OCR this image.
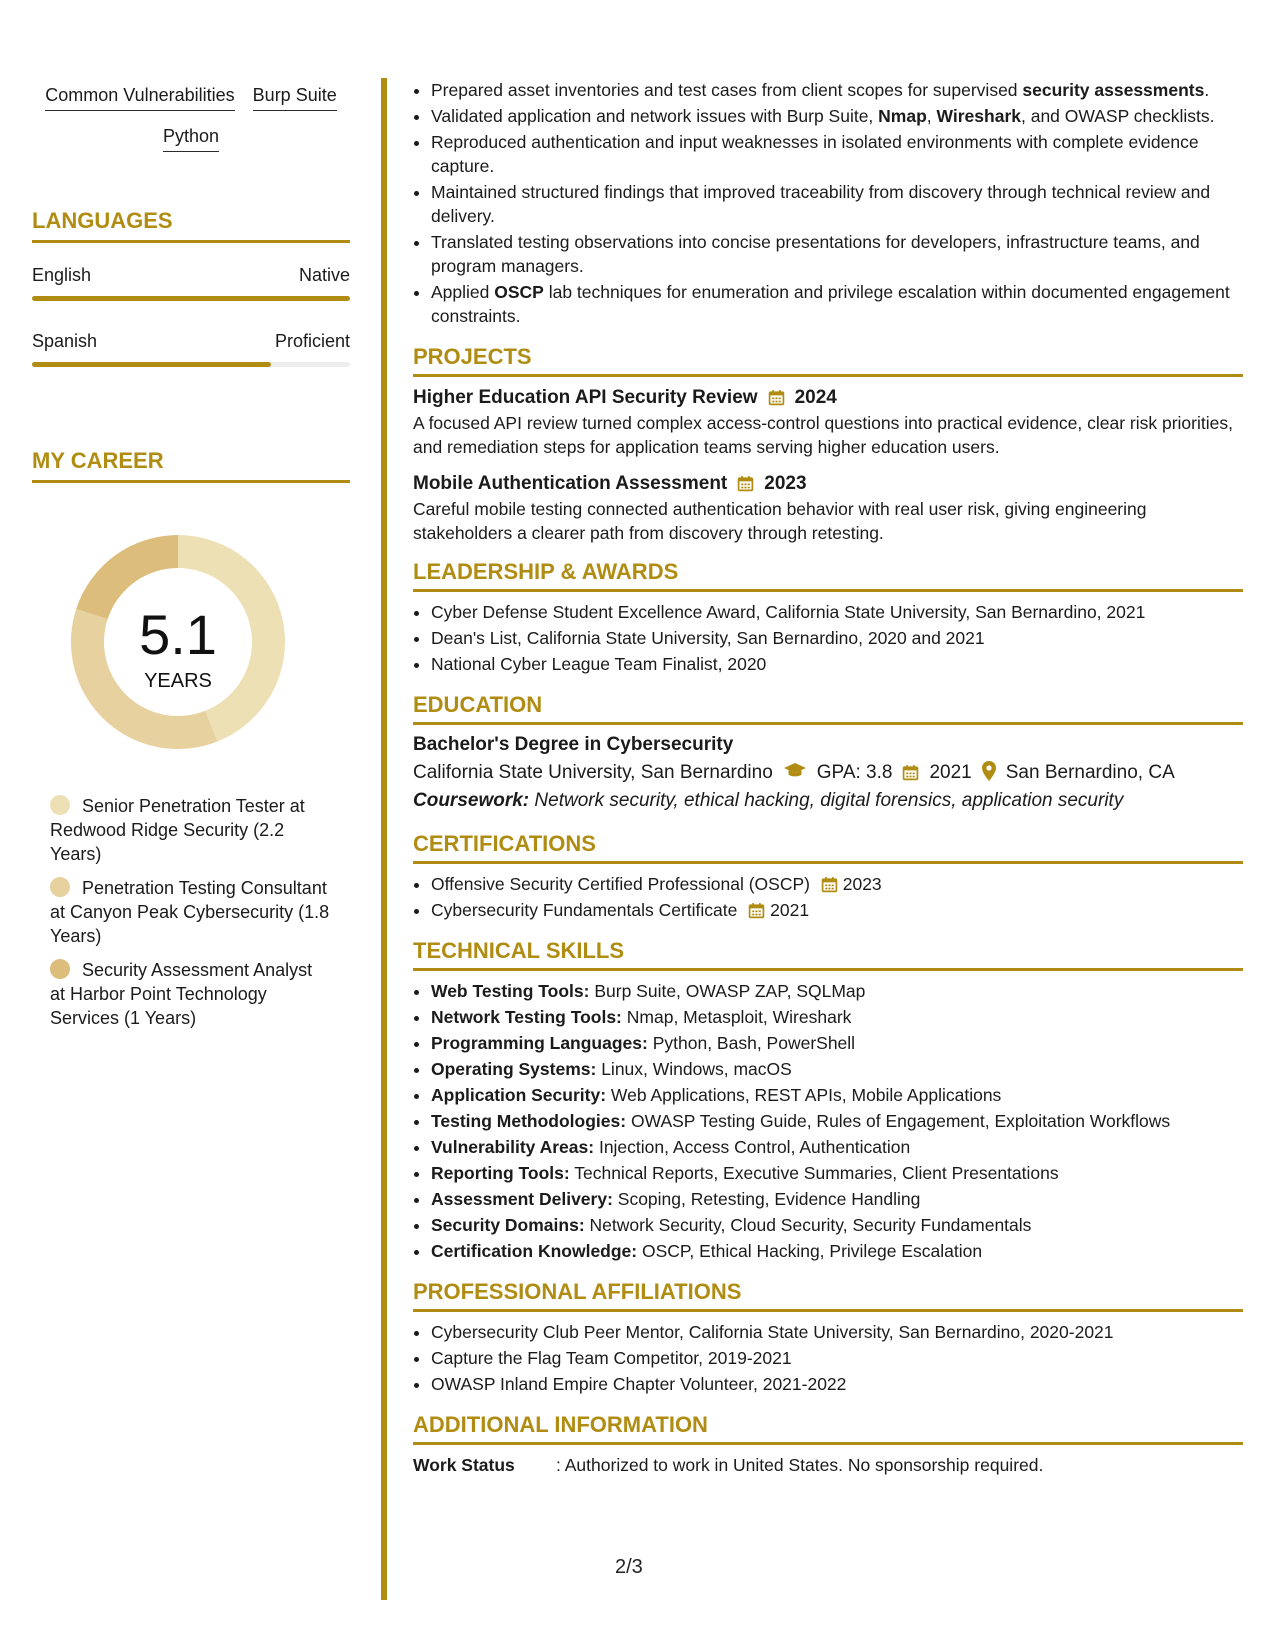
Common Vulnerabilities Burp Suite
Python
LANGUAGES
English	Native
Spanish	Proficient
MY CAREER
5.1
YEARS
Senior Penetration Tester at Redwood Ridge Security (2.2 Years)
Penetration Testing Consultant at Canyon Peak Cybersecurity (1.8 Years)
Security Assessment Analyst at Harbor Point Technology Services (1 Years)
• Prepared asset inventories and test cases from client scopes for supervised security assessments.
• Validated application and network issues with Burp Suite, Nmap, Wireshark, and OWASP checklists.
• Reproduced authentication and input weaknesses in isolated environments with complete evidence capture.
• Maintained structured findings that improved traceability from discovery through technical review and delivery.
• Translated testing observations into concise presentations for developers, infrastructure teams, and program managers.
• Applied OSCP lab techniques for enumeration and privilege escalation within documented engagement constraints.
PROJECTS
Higher Education API Security Review 2024
A focused API review turned complex access-control questions into practical evidence, clear risk priorities, and remediation steps for application teams serving higher education users.
Mobile Authentication Assessment 2023
Careful mobile testing connected authentication behavior with real user risk, giving engineering stakeholders a clearer path from discovery through retesting.
LEADERSHIP & AWARDS
• Cyber Defense Student Excellence Award, California State University, San Bernardino, 2021
• Dean's List, California State University, San Bernardino, 2020 and 2021
• National Cyber League Team Finalist, 2020
EDUCATION
Bachelor's Degree in Cybersecurity
California State University, San Bernardino GPA: 3.8 2021 San Bernardino, CA
Coursework: Network security, ethical hacking, digital forensics, application security
CERTIFICATIONS
• Offensive Security Certified Professional (OSCP) 2023
• Cybersecurity Fundamentals Certificate 2021
TECHNICAL SKILLS
• Web Testing Tools: Burp Suite, OWASP ZAP, SQLMap
• Network Testing Tools: Nmap, Metasploit, Wireshark
• Programming Languages: Python, Bash, PowerShell
• Operating Systems: Linux, Windows, macOS
• Application Security: Web Applications, REST APIs, Mobile Applications
• Testing Methodologies: OWASP Testing Guide, Rules of Engagement, Exploitation Workflows
• Vulnerability Areas: Injection, Access Control, Authentication
• Reporting Tools: Technical Reports, Executive Summaries, Client Presentations
• Assessment Delivery: Scoping, Retesting, Evidence Handling
• Security Domains: Network Security, Cloud Security, Security Fundamentals
• Certification Knowledge: OSCP, Ethical Hacking, Privilege Escalation
PROFESSIONAL AFFILIATIONS
• Cybersecurity Club Peer Mentor, California State University, San Bernardino, 2020-2021
• Capture the Flag Team Competitor, 2019-2021
• OWASP Inland Empire Chapter Volunteer, 2021-2022
ADDITIONAL INFORMATION
Work Status	: Authorized to work in United States. No sponsorship required.
2/3
